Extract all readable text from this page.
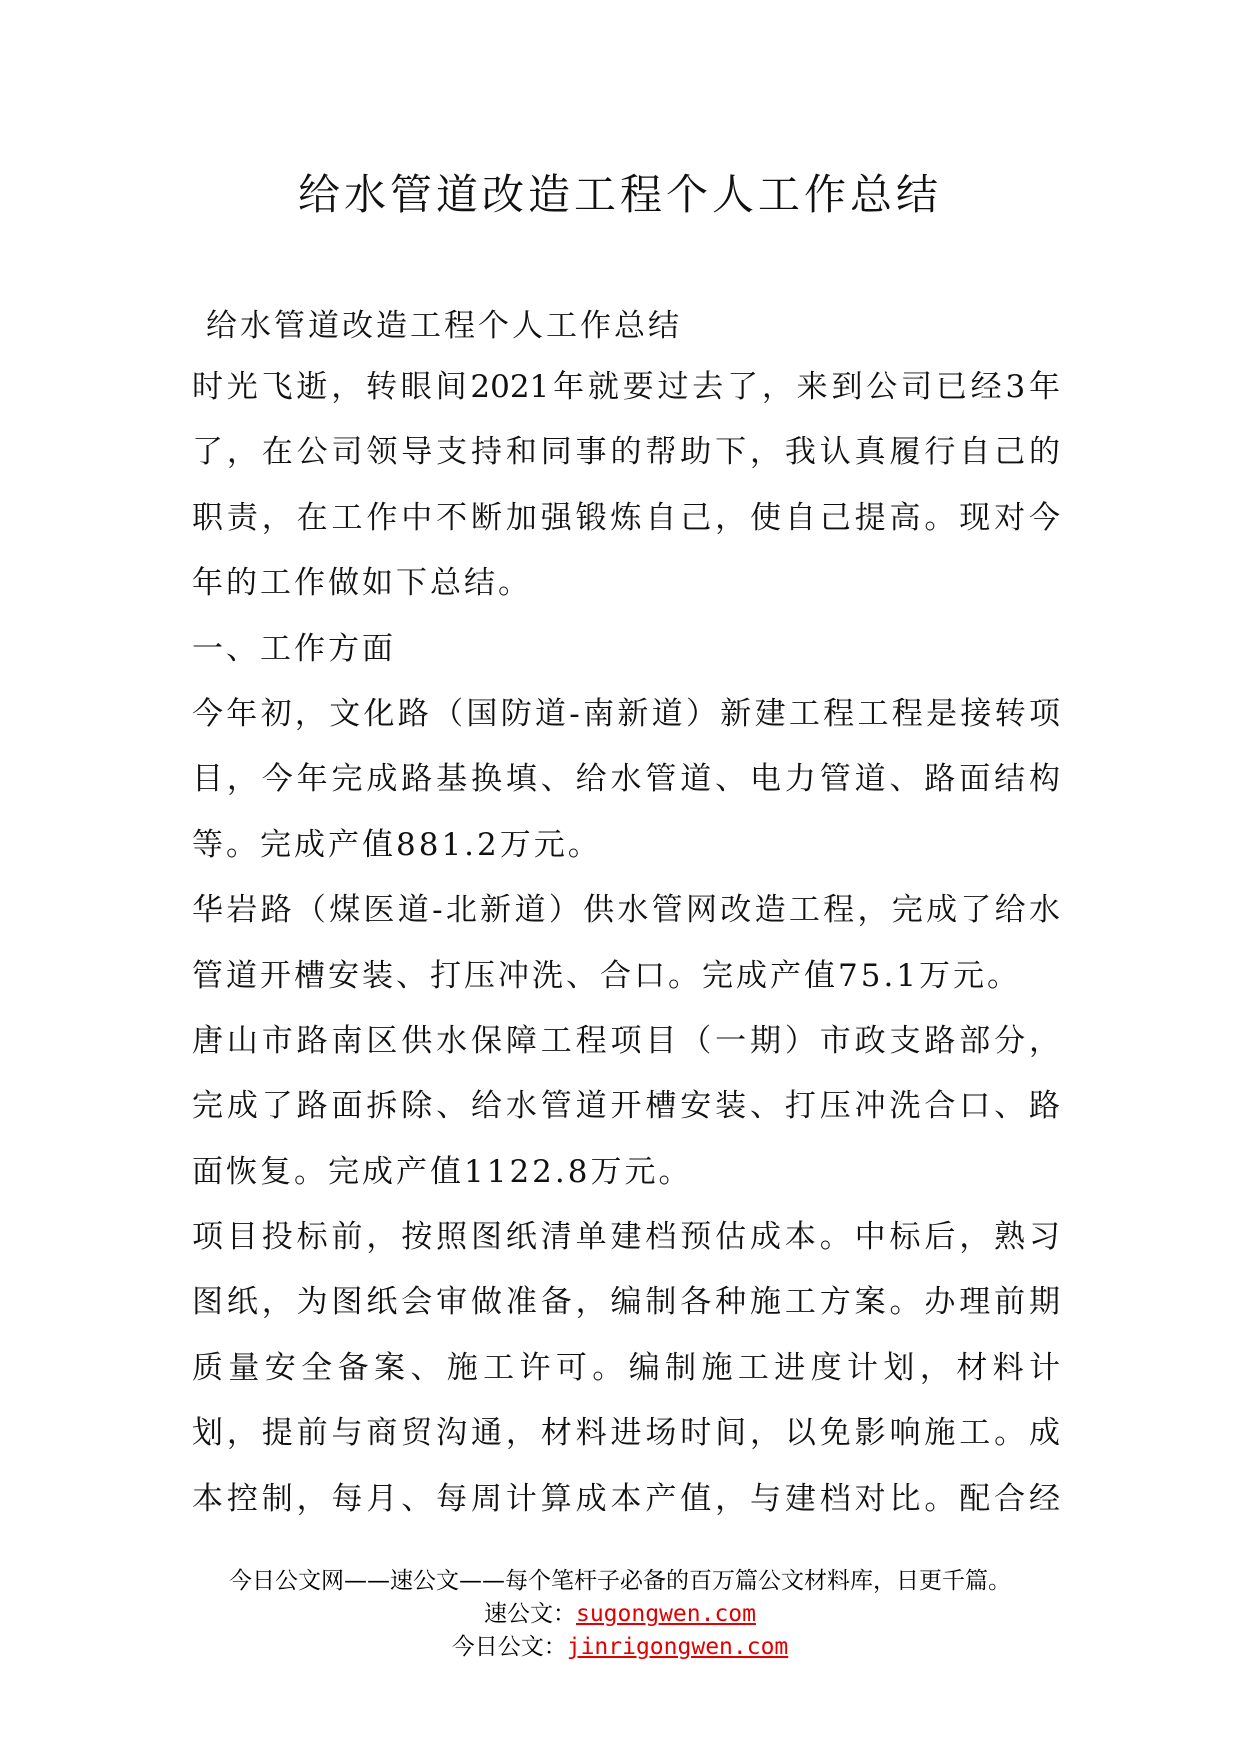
给水管道改造工程个人工作总结
给水管道改造工程个人工作总结
时光飞逝，转眼间2021年就要过去了，来到公司已经3年
了，在公司领导支持和同事的帮助下，我认真履行自己的
职责，在工作中不断加强锻炼自己，使自己提高。现对今
年的工作做如下总结。
一、工作方面
今年初，文化路（国防道-南新道）新建工程工程是接转项
目，今年完成路基换填、给水管道、电力管道、路面结构
等。完成产值881.2万元。
华岩路（煤医道-北新道）供水管网改造工程，完成了给水
管道开槽安装、打压冲洗、合口。完成产值75.1万元。
唐山市路南区供水保障工程项目（一期）市政支路部分，
完成了路面拆除、给水管道开槽安装、打压冲洗合口、路
面恢复。完成产值1122.8万元。
项目投标前，按照图纸清单建档预估成本。中标后，熟习
图纸，为图纸会审做准备，编制各种施工方案。办理前期
质量安全备案、施工许可。编制施工进度计划，材料计
划，提前与商贸沟通，材料进场时间，以免影响施工。成
本控制，每月、每周计算成本产值，与建档对比。配合经
今日公文网——速公文——每个笔杆子必备的百万篇公文材料库，日更千篇。
速公文：sugongwen.com
今日公文：jinrigongwen.com
